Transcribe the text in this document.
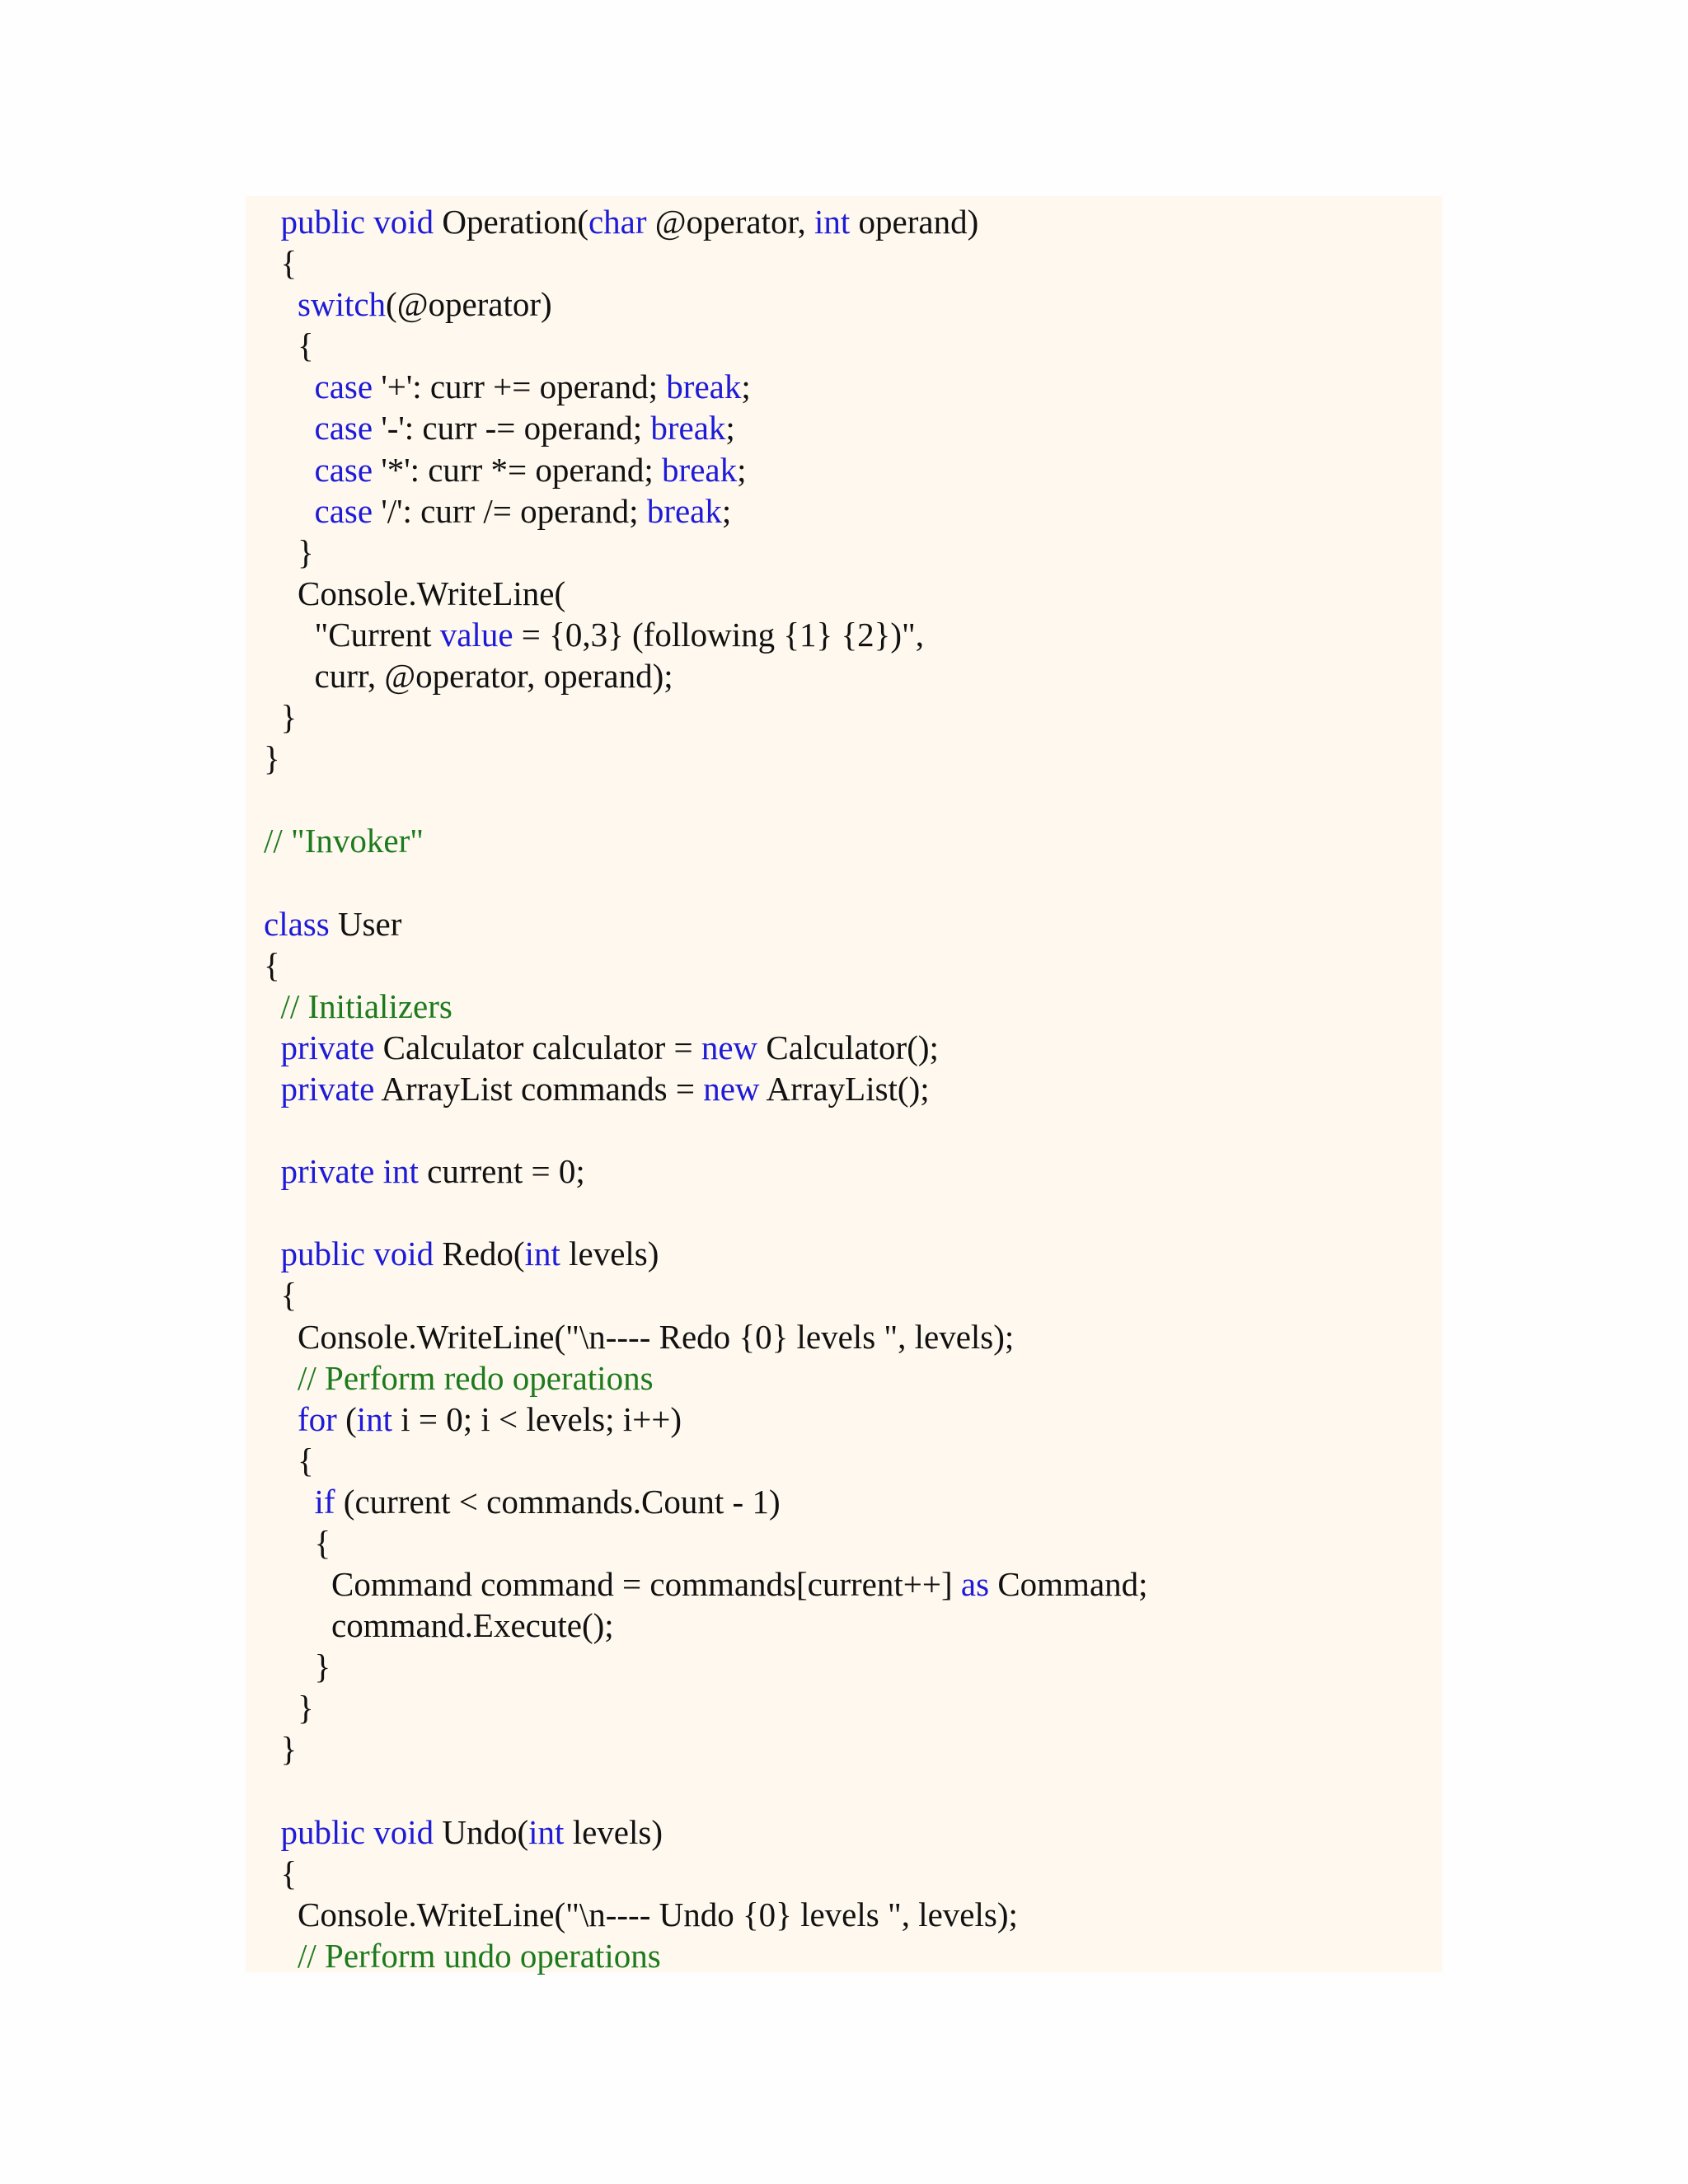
public void Operation(char @operator, int operand)
{
switch(@operator)
{
case '+': curr += operand; break;
case '-': curr -= operand; break;
case '*': curr *= operand; break;
case '/': curr /= operand; break;
}
Console.WriteLine(
"Current value = {0,3} (following {1} {2})",
curr, @operator, operand);
}
}

// "Invoker"

class User
{
// Initializers
private Calculator calculator = new Calculator();
private ArrayList commands = new ArrayList();

private int current = 0;

public void Redo(int levels)
{
Console.WriteLine("\n---- Redo {0} levels ", levels);
// Perform redo operations
for (int i = 0; i < levels; i++)
{
if (current < commands.Count - 1)
{
Command command = commands[current++] as Command;
command.Execute();
}
}
}

public void Undo(int levels)
{
Console.WriteLine("\n---- Undo {0} levels ", levels);
// Perform undo operations
